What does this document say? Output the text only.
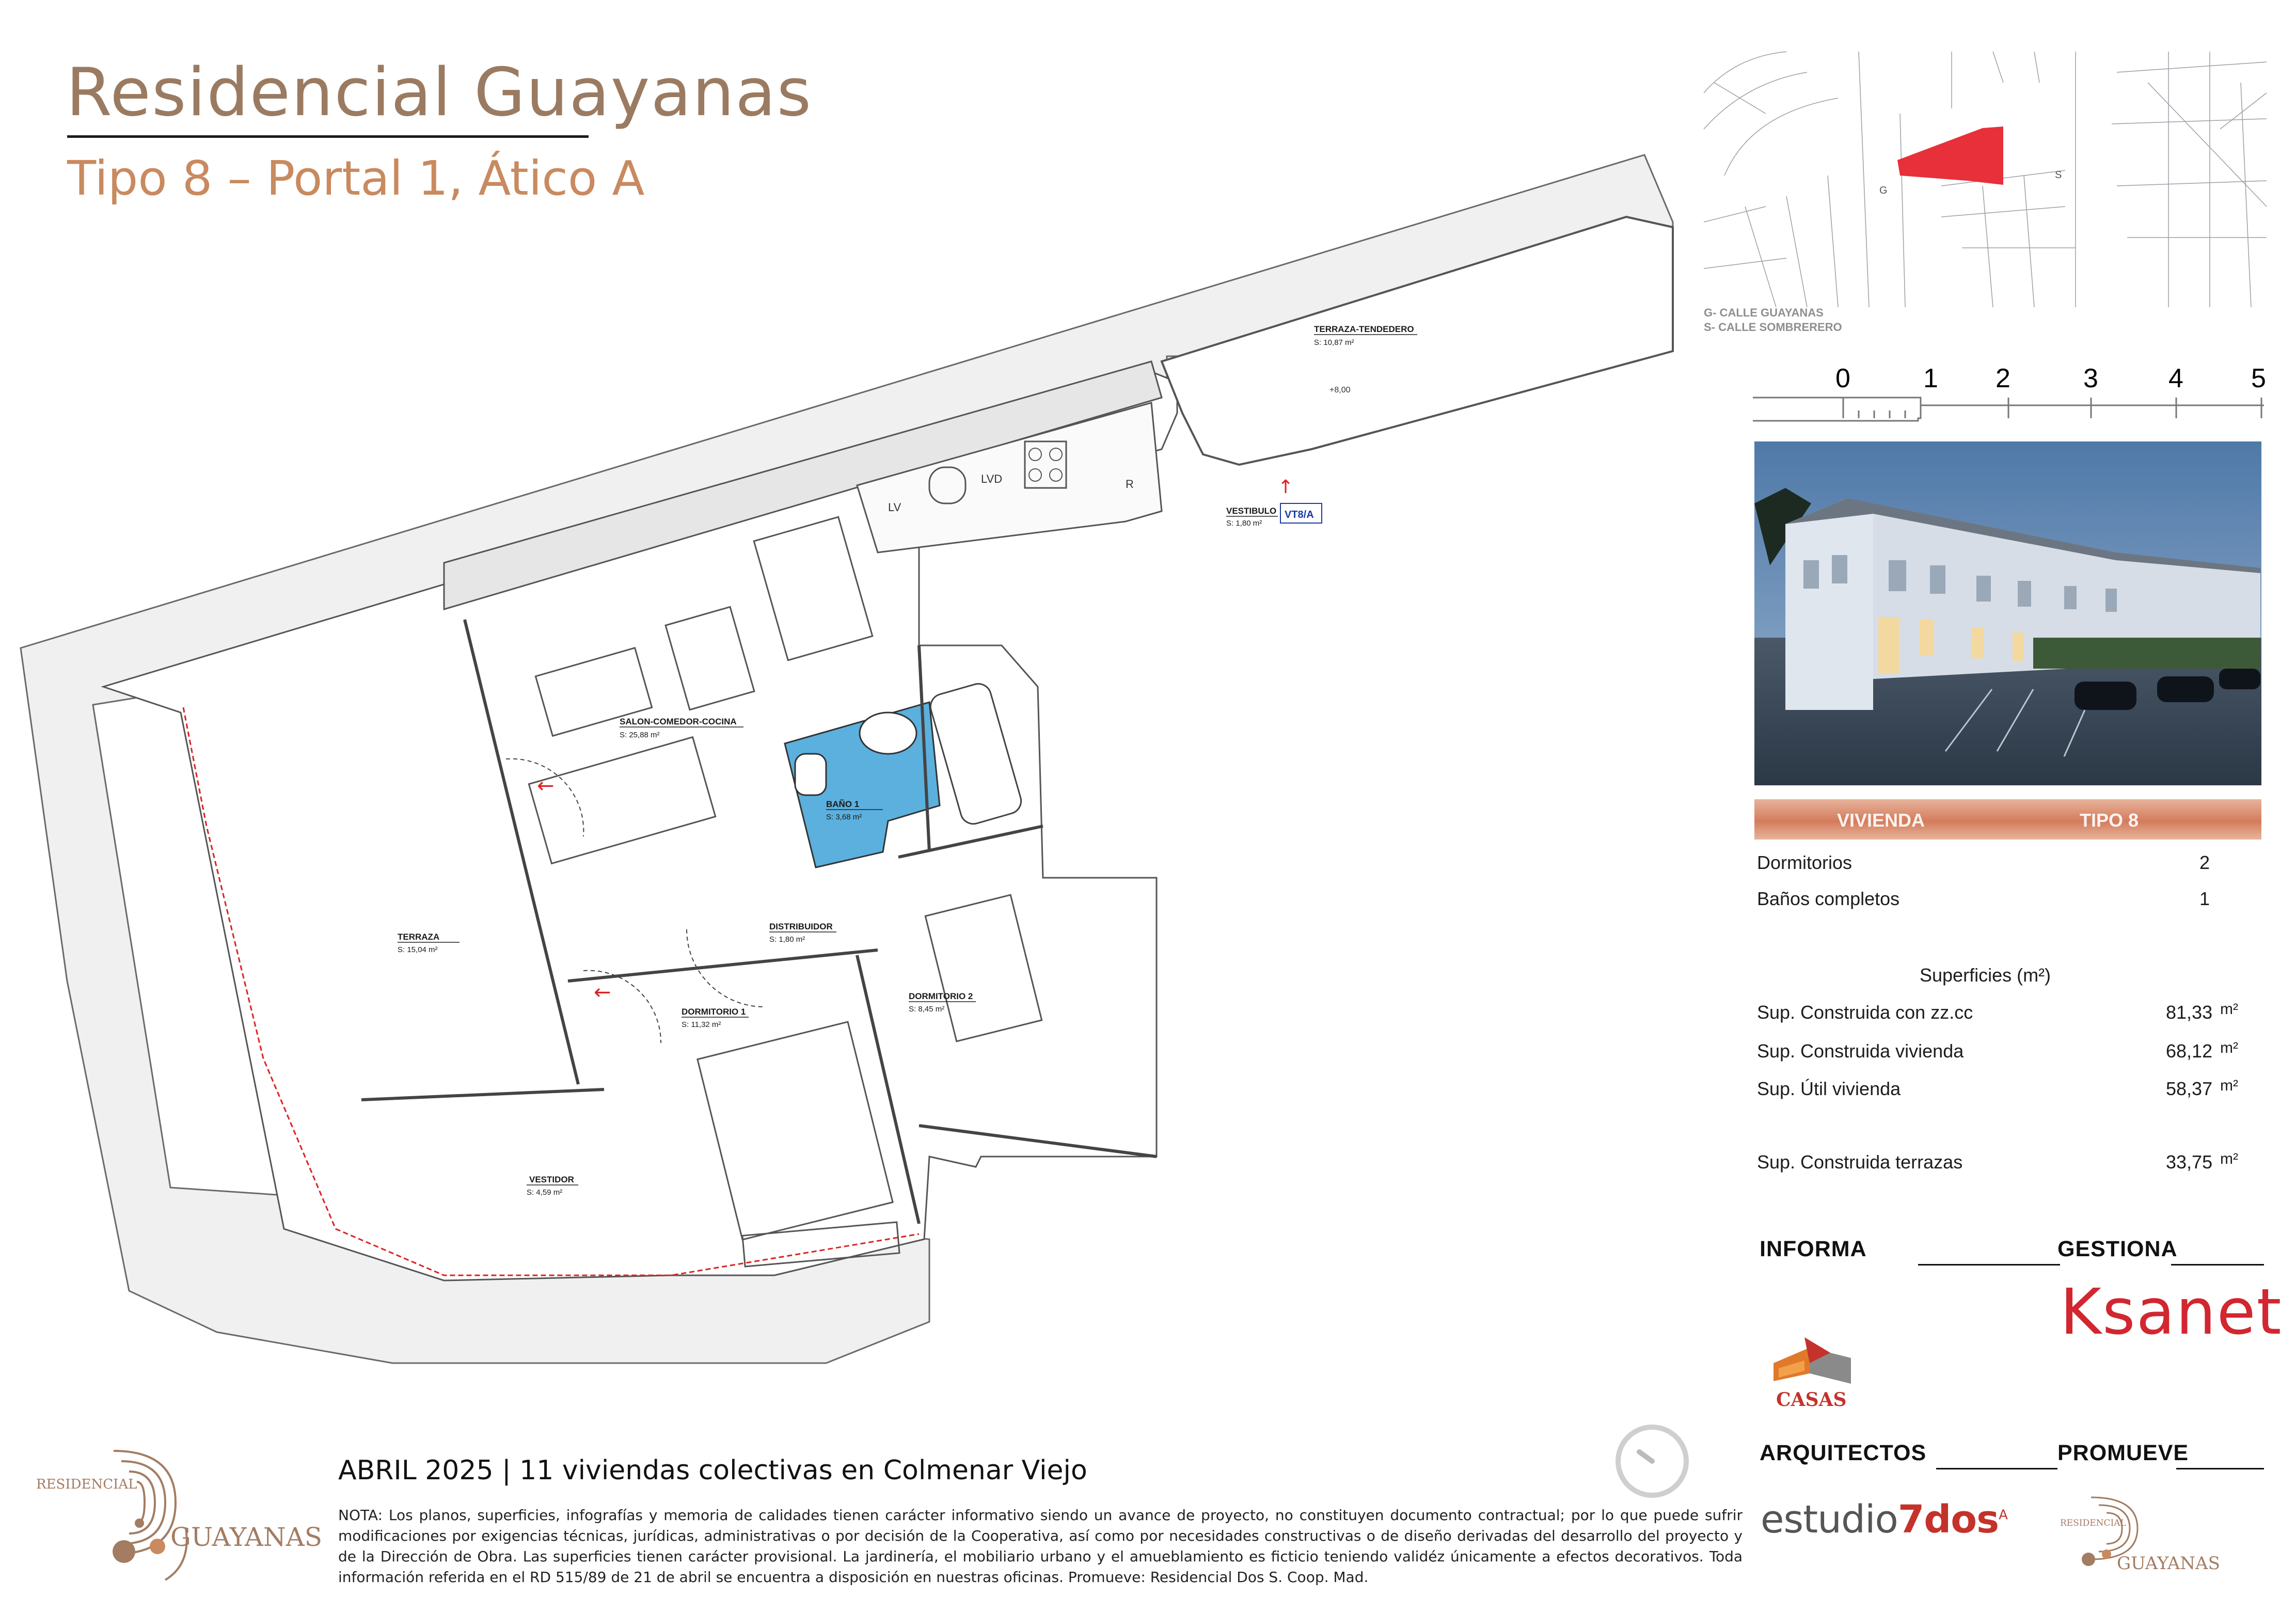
Residencial Guayanas
Tipo 8 – Portal 1, Ático A
LV
LVD	R
←
←
↑
VT8/A
+8,00
TERRAZA-TENDEDERO
S: 10,87 m²
SALON-COMEDOR-COCINA
S: 25,88 m²
BAÑO 1
S: 3,68 m²
DISTRIBUIDOR
S: 1,80 m²
TERRAZA
S: 15,04 m²
DORMITORIO 1
S: 11,32 m²
DORMITORIO 2
S: 8,45 m²
VESTIBULO
S: 1,80 m²
VESTIDOR
S: 4,59 m²
G
S
G- CALLE GUAYANAS
S- CALLE SOMBRERERO
0	1 2	3	4	5
VIVIENDA	TIPO 8
Dormitorios	2
Baños completos	1
Superficies (m²)
Sup. Construida con zz.cc	81,33 m²
Sup. Construida vivienda	68,12 m²
Sup. Útil vivienda	58,37 m²
Sup. Construida terrazas	33,75 m²
INFORMA	GESTIONA
Ksanet
CASAS
ARQUITECTOS	PROMUEVE
estudio7dos$^A$
RESIDENCIAL
GUAYANAS
RESIDENCIAL
GUAYANAS
ABRIL 2025 | 11 viviendas colectivas en Colmenar Viejo
NOTA: Los planos, superficies, infografías y memoria de calidades tienen carácter informativo siendo un avance de proyecto, no constituyen documento contractual; por lo que puede sufrir modificaciones por exigencias técnicas, jurídicas, administrativas o por decisión de la Cooperativa, así como por necesidades constructivas o de diseño derivadas del desarrollo del proyecto y de la Dirección de Obra. Las superficies tienen carácter provisional. La jardinería, el mobiliario urbano y el amueblamiento es ficticio teniendo validéz únicamente a efectos decorativos. Toda información referida en el RD 515/89 de 21 de abril se encuentra a disposición en nuestras oficinas. Promueve: Residencial Dos S. Coop. Mad.
